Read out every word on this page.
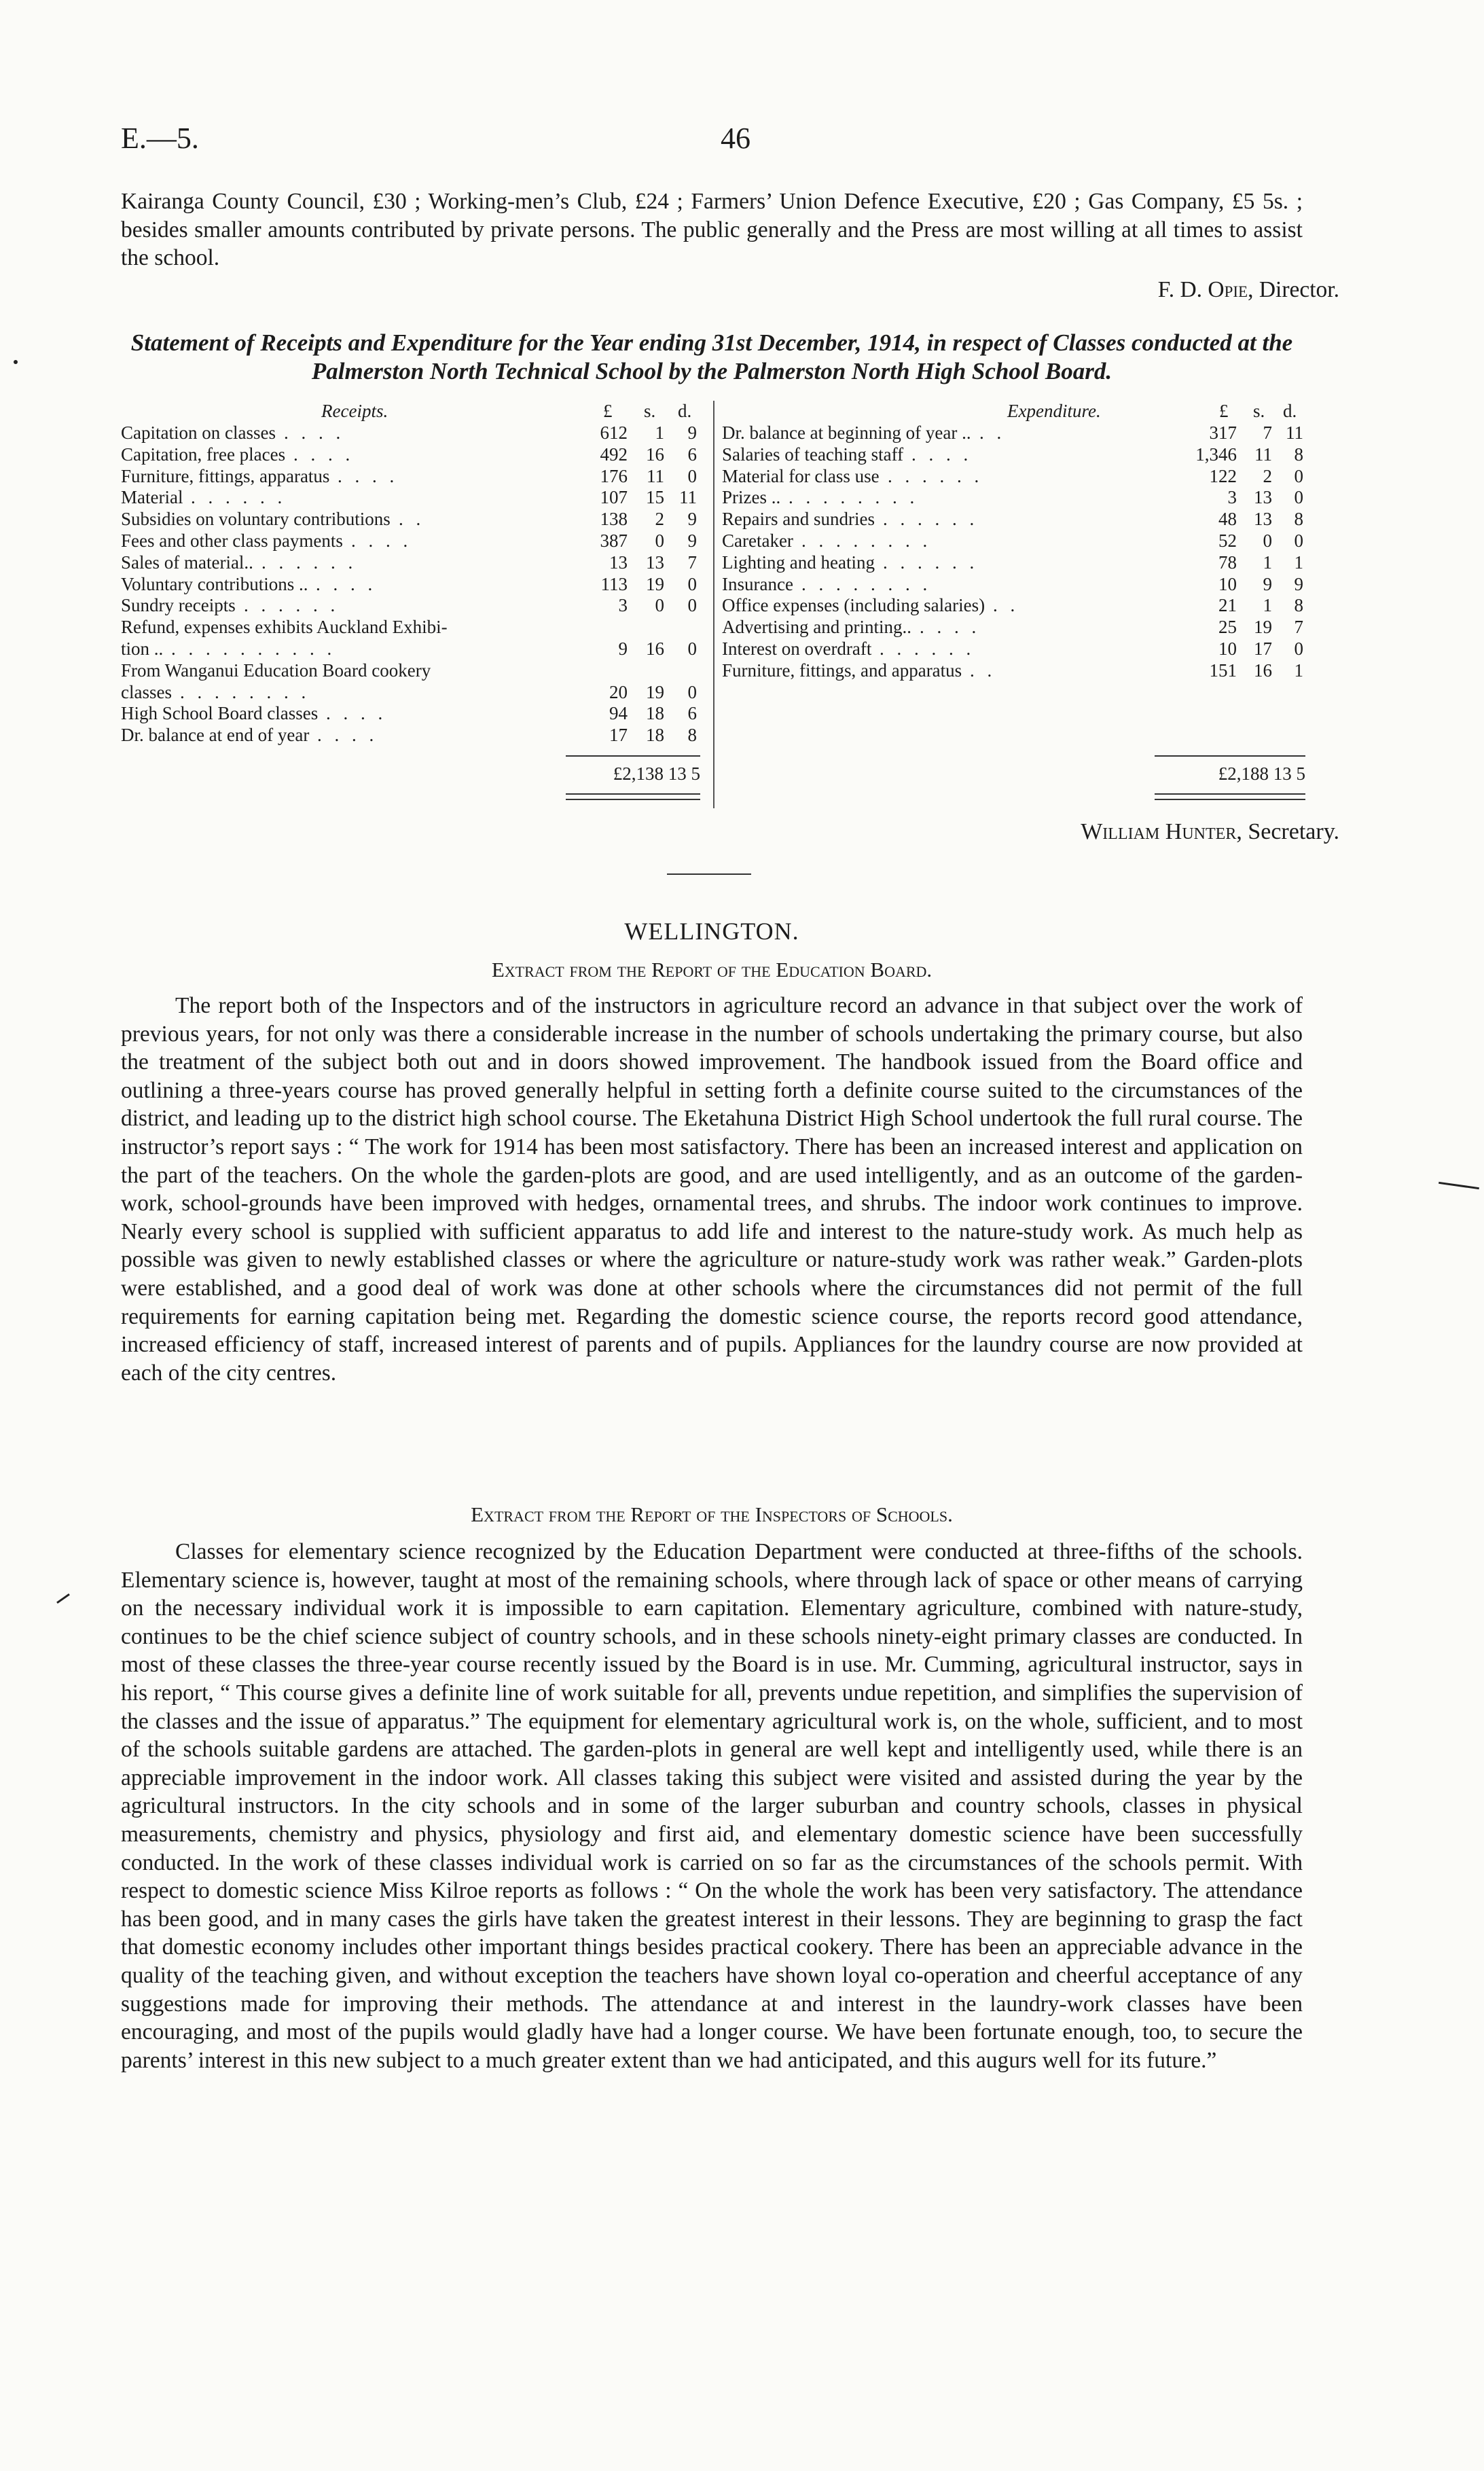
E.—5.	46

Kairanga County Council, £30 ; Working-men’s Club, £24 ; Farmers’ Union Defence Executive, £20 ; Gas Company, £5 5s. ; besides smaller amounts contributed by private persons. The public generally and the Press are most willing at all times to assist the school.

F. D. Opie, Director.

Statement of Receipts and Expenditure for the Year ending 31st December, 1914, in respect of Classes conducted at the Palmerston North Technical School by the Palmerston North High School Board.

Receipts.	£ s. d.
Capitation on classes . . . .	612	1	9
Capitation, free places . . . .	492	16	6
Furniture, fittings, apparatus . . . .	176	11	0
Material . . . . . .	107	15 11
Subsidies on voluntary contributions . .	138	2	9
Fees and other class payments . . . .	387	0	9
Sales of material.. . . . . . .	13	13	7
Voluntary contributions .. . . . .	113	19	0
Sundry receipts . . . . . .	3	0	0
Refund, expenses exhibits Auckland Exhibi-
tion .. . . . . . . . . . .	9	16	0
From Wanganui Education Board cookery
classes . . . . . . . .	20	19	0
High School Board classes . . . .	94	18	6
Dr. balance at end of year . . . .	17	18	8
Expenditure.	£ s. d.
Dr. balance at beginning of year .. . .	317	7 11
Salaries of teaching staff . . . .	1,346 11	8
Material for class use . . . . . .	122	2	0
Prizes .. . . . . . . . .	3 13	0
Repairs and sundries . . . . . .	48 13	8
Caretaker . . . . . . . .	52	0	0
Lighting and heating . . . . . .	78	1	1
Insurance . . . . . . . .	10	9	9
Office expenses (including salaries) . .	21	1	8
Advertising and printing.. . . . .	25 19	7
Interest on overdraft . . . . . .	10 17	0
Furniture, fittings, and apparatus . .	151 16	1
£2,138 13 5	£2,188 13 5
William Hunter, Secretary.

WELLINGTON.

Extract from the Report of the Education Board.

The report both of the Inspectors and of the instructors in agriculture record an advance in that subject over the work of previous years, for not only was there a considerable increase in the number of schools undertaking the primary course, but also the treatment of the subject both out and in doors showed improvement. The handbook issued from the Board office and outlining a three-years course has proved generally helpful in setting forth a definite course suited to the circumstances of the district, and leading up to the district high school course. The Eketahuna District High School undertook the full rural course. The instructor’s report says : “ The work for 1914 has been most satisfactory. There has been an increased interest and application on the part of the teachers. On the whole the garden-plots are good, and are used intelligently, and as an outcome of the garden-work, school-grounds have been improved with hedges, ornamental trees, and shrubs. The indoor work continues to improve. Nearly every school is supplied with sufficient apparatus to add life and interest to the nature-study work. As much help as possible was given to newly established classes or where the agriculture or nature-study work was rather weak.” Garden-plots were established, and a good deal of work was done at other schools where the circumstances did not permit of the full requirements for earning capitation being met. Regarding the domestic science course, the reports record good attendance, increased efficiency of staff, increased interest of parents and of pupils. Appliances for the laundry course are now provided at each of the city centres.

Extract from the Report of the Inspectors of Schools.

Classes for elementary science recognized by the Education Department were conducted at three-fifths of the schools. Elementary science is, however, taught at most of the remaining schools, where through lack of space or other means of carrying on the necessary individual work it is impossible to earn capitation. Elementary agriculture, combined with nature-study, continues to be the chief science subject of country schools, and in these schools ninety-eight primary classes are conducted. In most of these classes the three-year course recently issued by the Board is in use. Mr. Cumming, agricultural instructor, says in his report, “ This course gives a definite line of work suitable for all, prevents undue repetition, and simplifies the supervision of the classes and the issue of apparatus.” The equipment for elementary agricultural work is, on the whole, sufficient, and to most of the schools suitable gardens are attached. The garden-plots in general are well kept and intelligently used, while there is an appreciable improvement in the indoor work. All classes taking this subject were visited and assisted during the year by the agricultural instructors. In the city schools and in some of the larger suburban and country schools, classes in physical measurements, chemistry and physics, physiology and first aid, and elementary domestic science have been successfully conducted. In the work of these classes individual work is carried on so far as the circumstances of the schools permit. With respect to domestic science Miss Kilroe reports as follows : “ On the whole the work has been very satisfactory. The attendance has been good, and in many cases the girls have taken the greatest interest in their lessons. They are beginning to grasp the fact that domestic economy includes other important things besides practical cookery. There has been an appreciable advance in the quality of the teaching given, and without exception the teachers have shown loyal co-operation and cheerful acceptance of any suggestions made for improving their methods. The attendance at and interest in the laundry-work classes have been encouraging, and most of the pupils would gladly have had a longer course. We have been fortunate enough, too, to secure the parents’ interest in this new subject to a much greater extent than we had anticipated, and this augurs well for its future.”
